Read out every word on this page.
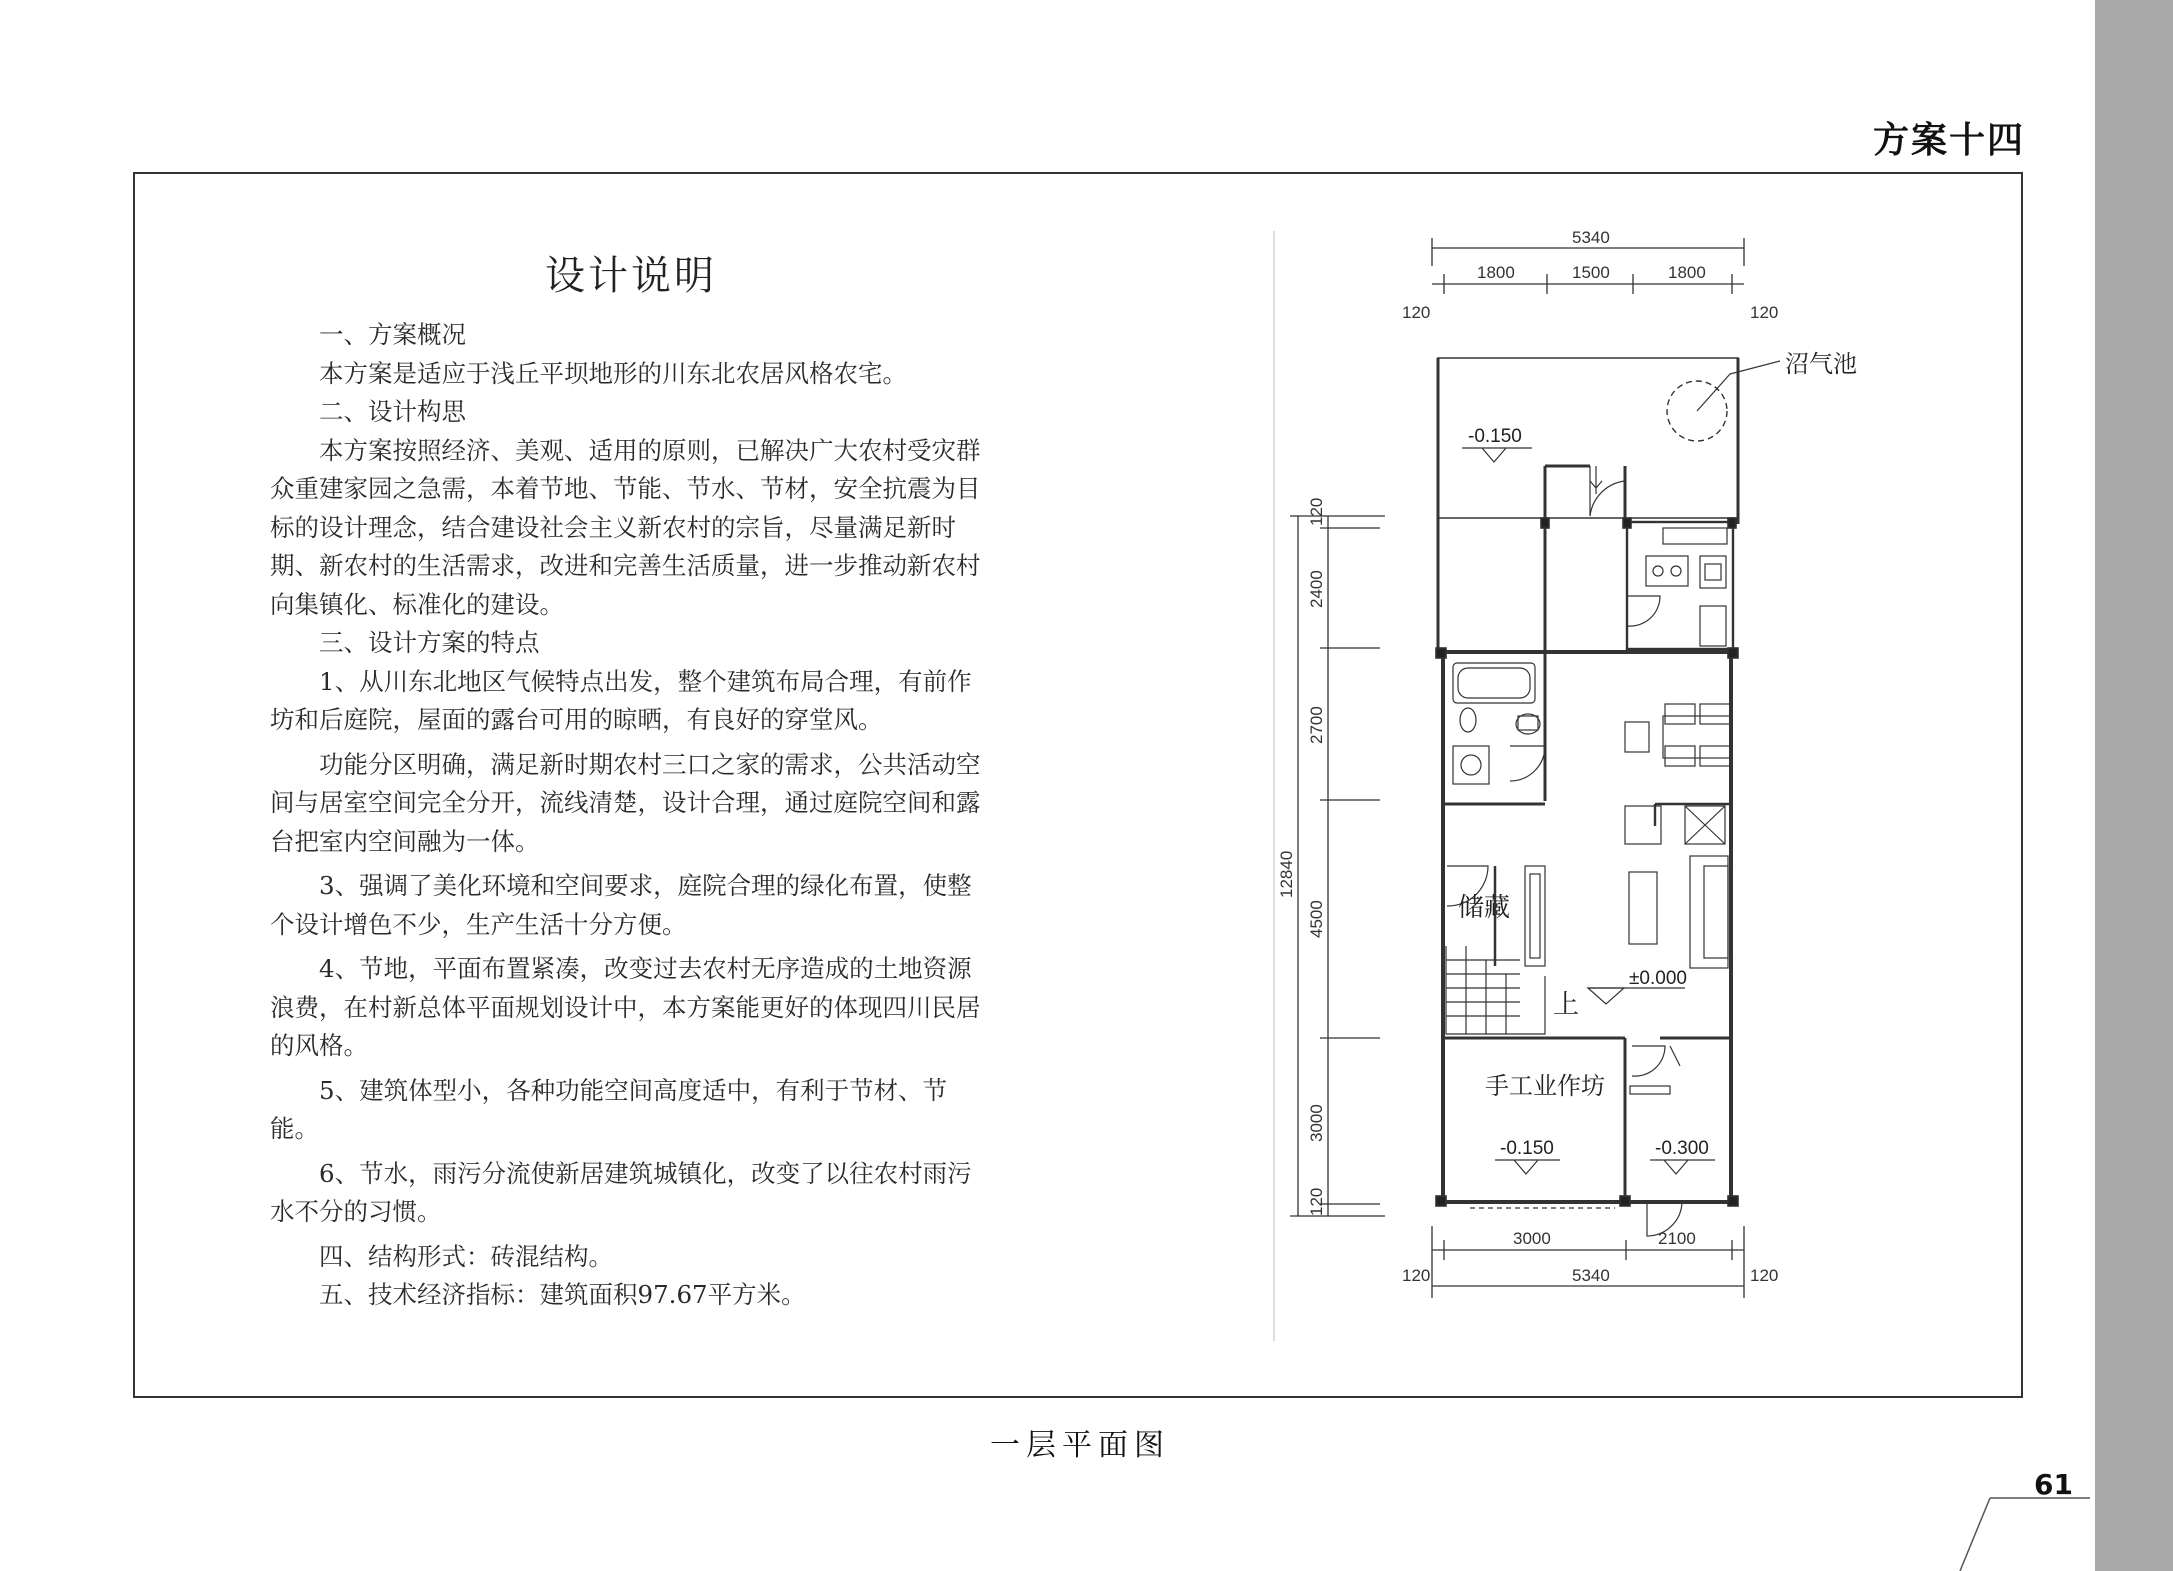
方案十四
设计说明

一、方案概况

本方案是适应于浅丘平坝地形的川东北农居风格农宅。

二、设计构思

本方案按照经济、美观、适用的原则，已解决广大农村受灾群众重建家园之急需，本着节地、节能、节水、节材，安全抗震为目标的设计理念，结合建设社会主义新农村的宗旨，尽量满足新时期、新农村的生活需求，改进和完善生活质量，进一步推动新农村向集镇化、标准化的建设。

三、设计方案的特点

1、从川东北地区气候特点出发，整个建筑布局合理，有前作坊和后庭院，屋面的露台可用的晾晒，有良好的穿堂风。

功能分区明确，满足新时期农村三口之家的需求，公共活动空间与居室空间完全分开，流线清楚，设计合理，通过庭院空间和露台把室内空间融为一体。

3、强调了美化环境和空间要求，庭院合理的绿化布置，使整个设计增色不少，生产生活十分方便。

4、节地，平面布置紧凑，改变过去农村无序造成的土地资源浪费，在村新总体平面规划设计中，本方案能更好的体现四川民居的风格。

5、建筑体型小，各种功能空间高度适中，有利于节材、节能。

6、节水，雨污分流使新居建筑城镇化，改变了以往农村雨污水不分的习惯。

四、结构形式：砖混结构。

五、技术经济指标：建筑面积97.67平方米。

5340
1800	1500	1800
120	120
120
2400
2700
4500
3000
120
12840
沼气池
-0.150
储藏
上
±0.000
手工业作坊
-0.150	-0.300
3000	2100
5340
120	120
一层平面图
61
